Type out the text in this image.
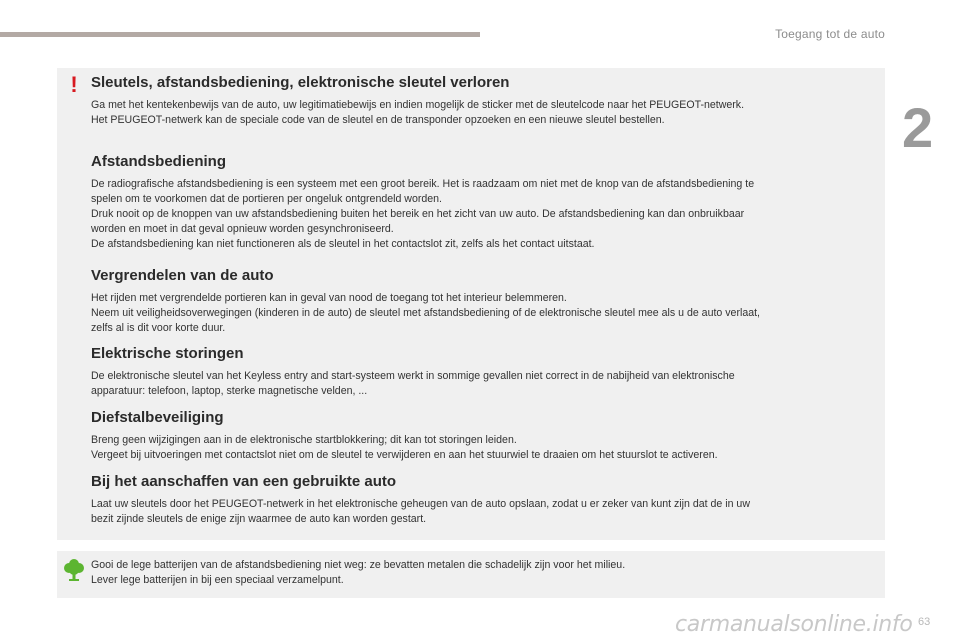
Toegang tot de auto
2
! Sleutels, afstandsbediening, elektronische sleutel verloren

Ga met het kentekenbewijs van de auto, uw legitimatiebewijs en indien mogelijk de sticker met de sleutelcode naar het PEUGEOT-netwerk.

Het PEUGEOT-netwerk kan de speciale code van de sleutel en de transponder opzoeken en een nieuwe sleutel bestellen.

Afstandsbediening

De radiografische afstandsbediening is een systeem met een groot bereik. Het is raadzaam om niet met de knop van de afstandsbediening te

spelen om te voorkomen dat de portieren per ongeluk ontgrendeld worden.

Druk nooit op de knoppen van uw afstandsbediening buiten het bereik en het zicht van uw auto. De afstandsbediening kan dan onbruikbaar

worden en moet in dat geval opnieuw worden gesynchroniseerd.

De afstandsbediening kan niet functioneren als de sleutel in het contactslot zit, zelfs als het contact uitstaat.

Vergrendelen van de auto

Het rijden met vergrendelde portieren kan in geval van nood de toegang tot het interieur belemmeren.

Neem uit veiligheidsoverwegingen (kinderen in de auto) de sleutel met afstandsbediening of de elektronische sleutel mee als u de auto verlaat,

zelfs al is dit voor korte duur.

Elektrische storingen

De elektronische sleutel van het Keyless entry and start-systeem werkt in sommige gevallen niet correct in de nabijheid van elektronische

apparatuur: telefoon, laptop, sterke magnetische velden, ...

Diefstalbeveiliging

Breng geen wijzigingen aan in de elektronische startblokkering; dit kan tot storingen leiden.

Vergeet bij uitvoeringen met contactslot niet om de sleutel te verwijderen en aan het stuurwiel te draaien om het stuurslot te activeren.

Bij het aanschaffen van een gebruikte auto

Laat uw sleutels door het PEUGEOT-netwerk in het elektronische geheugen van de auto opslaan, zodat u er zeker van kunt zijn dat de in uw

bezit zijnde sleutels de enige zijn waarmee de auto kan worden gestart.

Gooi de lege batterijen van de afstandsbediening niet weg: ze bevatten metalen die schadelijk zijn voor het milieu.

Lever lege batterijen in bij een speciaal verzamelpunt.

carmanualsonline.info 63
